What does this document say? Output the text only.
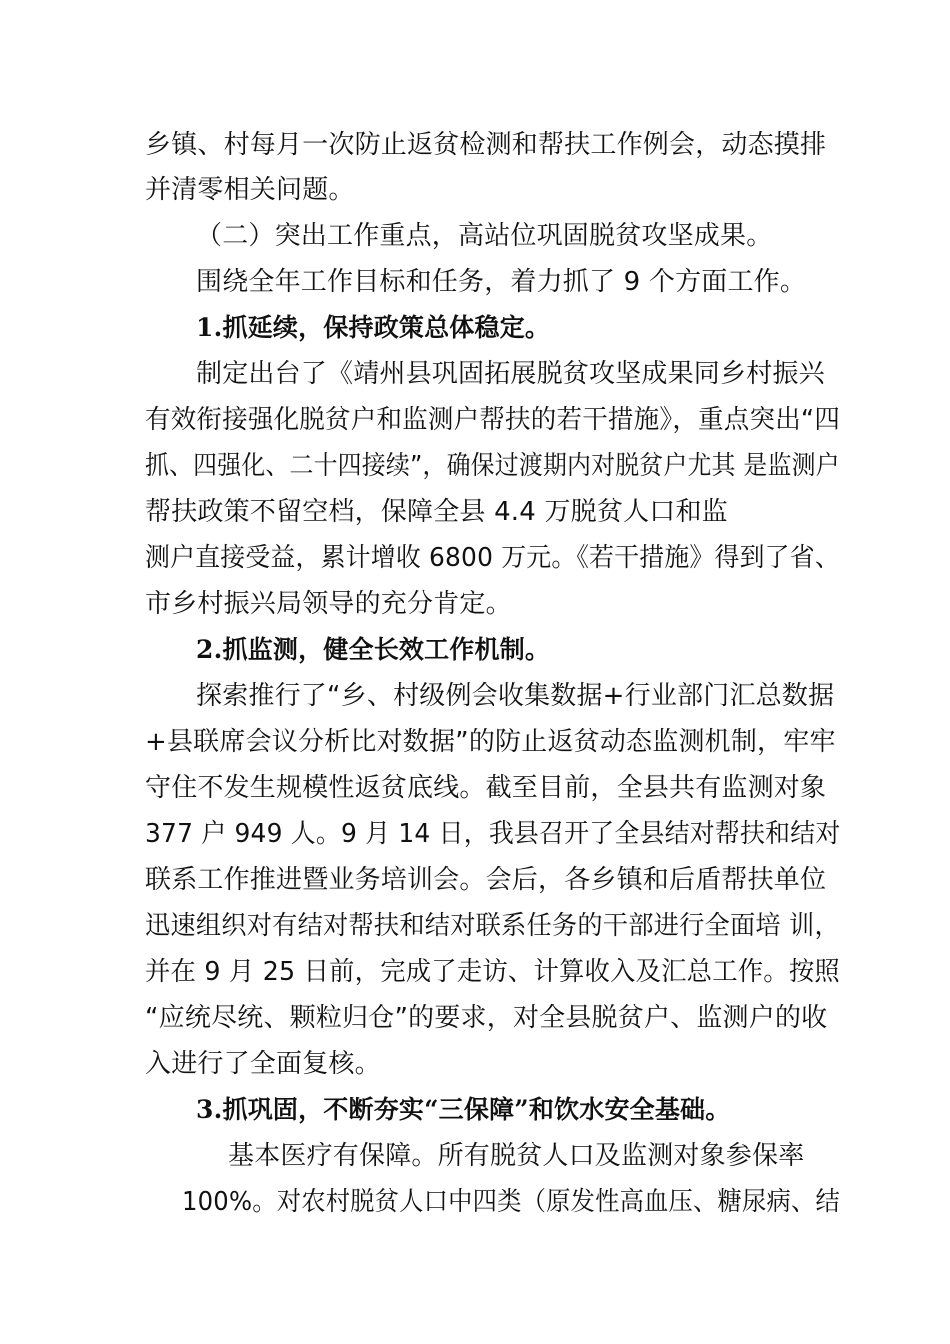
乡镇、村每月一次防止返贫检测和帮扶工作例会，动态摸排
并清零相关问题。
（二）突出工作重点，高站位巩固脱贫攻坚成果。
围绕全年工作目标和任务，着力抓了 9 个方面工作。
1.抓延续，保持政策总体稳定。
制定出台了《靖州县巩固拓展脱贫攻坚成果同乡村振兴
有效衔接强化脱贫户和监测户帮扶的若干措施》，重点突出“四
抓、四强化、二十四接续”，确保过渡期内对脱贫户尤其 是监测户
帮扶政策不留空档，保障全县 4.4 万脱贫人口和监
测户直接受益，累计增收 6800 万元。《若干措施》得到了省、
市乡村振兴局领导的充分肯定。
2.抓监测，健全长效工作机制。
探索推行了“乡、村级例会收集数据+行业部门汇总数据
+县联席会议分析比对数据”的防止返贫动态监测机制，牢牢
守住不发生规模性返贫底线。截至目前，全县共有监测对象
377 户 949 人。9 月 14 日，我县召开了全县结对帮扶和结对
联系工作推进暨业务培训会。会后，各乡镇和后盾帮扶单位
迅速组织对有结对帮扶和结对联系任务的干部进行全面培 训，
并在 9 月 25 日前，完成了走访、计算收入及汇总工作。按照
“应统尽统、颗粒归仓”的要求，对全县脱贫户、监测户的收
入进行了全面复核。
3.抓巩固，不断夯实“三保障”和饮水安全基础。
基本医疗有保障。所有脱贫人口及监测对象参保率
100%。对农村脱贫人口中四类（原发性高血压、糖尿病、结
